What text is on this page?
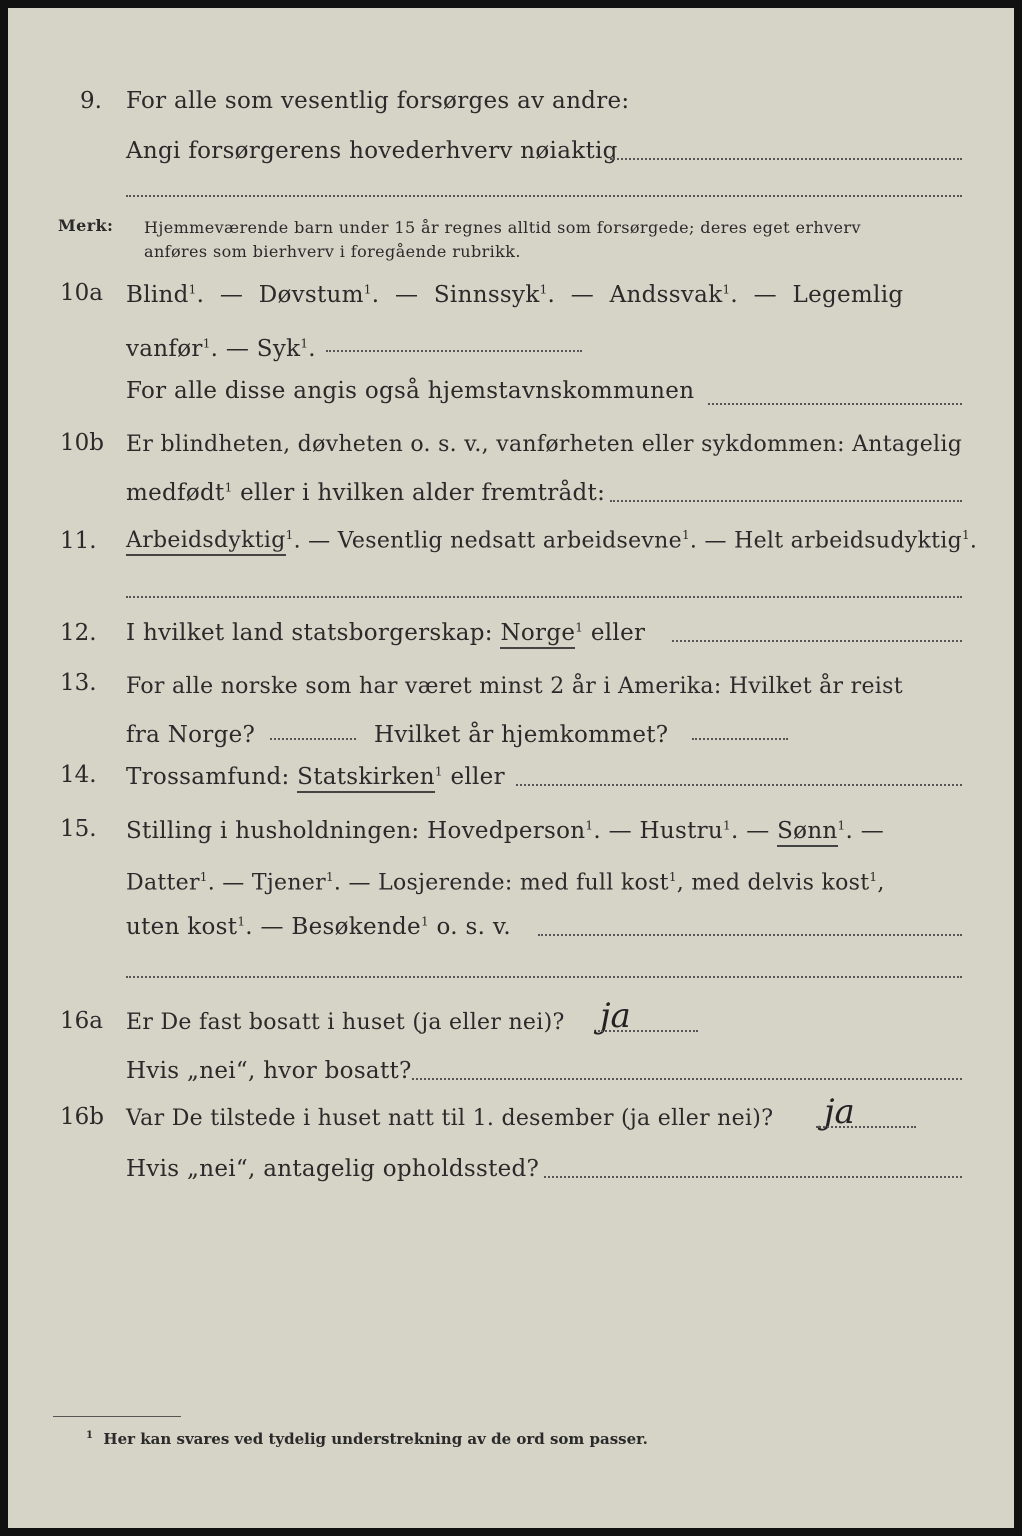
9. For alle som vesentlig forsørges av andre:
Angi forsørgerens hovederhverv nøiaktig
Merk: Hjemmeværende barn under 15 år regnes alltid som forsørgede; deres eget erhverv
anføres som bierhverv i foregående rubrikk.
10a Blind$^1$. — Døvstum$^1$. — Sinnssyk$^1$. — Andssvak$^1$. — Legemlig
vanfør$^1$. — Syk$^1$.
For alle disse angis også hjemstavnskommunen
10b Er blindheten, døvheten o. s. v., vanførheten eller sykdommen: Antagelig
medfødt$^1$ eller i hvilken alder fremtrådt:
11. Arbeidsdyktig$^1$. — Vesentlig nedsatt arbeidsevne$^1$. — Helt arbeidsudyktig$^1$.
12. I hvilket land statsborgerskap: Norge$^1$ eller
13. For alle norske som har været minst 2 år i Amerika: Hvilket år reist
fra Norge?	Hvilket år hjemkommet?
14. Trossamfund: Statskirken$^1$ eller
15. Stilling i husholdningen: Hovedperson$^1$. — Hustru$^1$. — Sønn$^1$. —
Datter$^1$. — Tjener$^1$. — Losjerende: med full kost$^1$, med delvis kost$^1$,
uten kost$^1$. — Besøkende$^1$ o. s. v.
16a Er De fast bosatt i huset (ja eller nei)? ja
Hvis „nei“, hvor bosatt?
16b Var De tilstede i huset natt til 1. desember (ja eller nei)? ja
Hvis „nei“, antagelig opholdssted?
$^1$ Her kan svares ved tydelig understrekning av de ord som passer.
